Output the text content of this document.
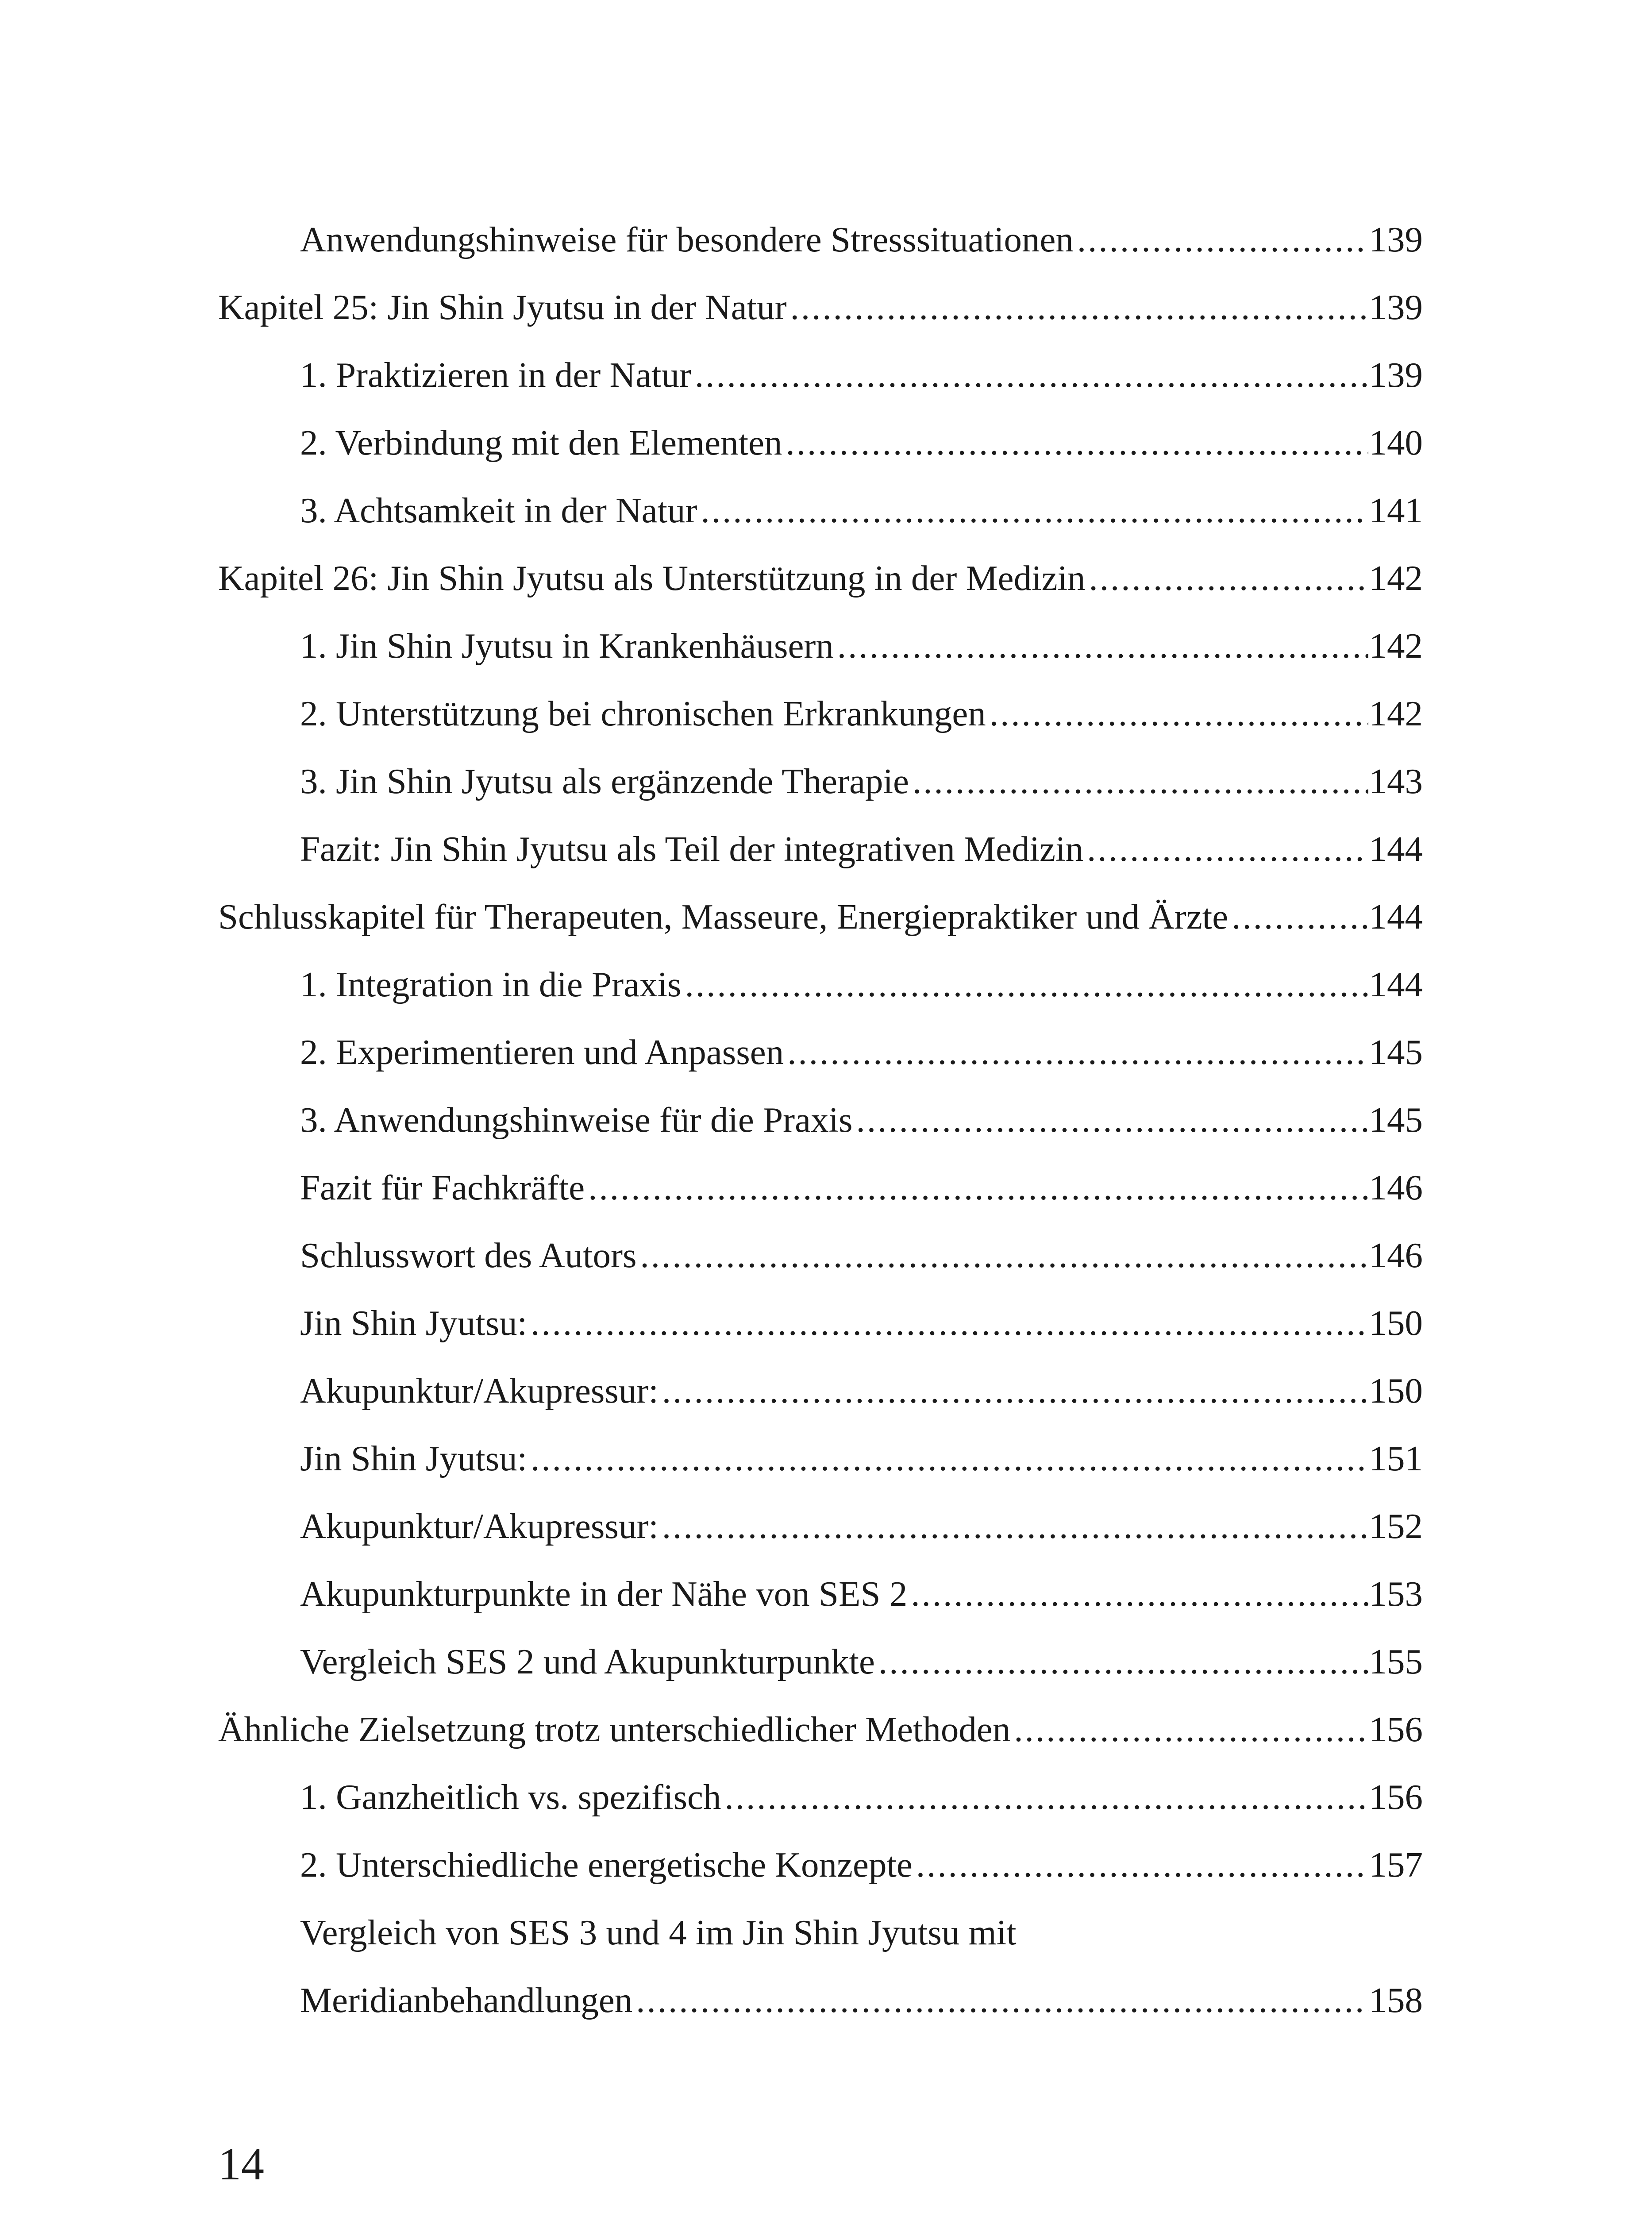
Anwendungshinweise für besondere Stresssituationen .....	139
Kapitel 25: Jin Shin Jyutsu in der Natur .....	139
1. Praktizieren in der Natur .....	139
2. Verbindung mit den Elementen .....	140
3. Achtsamkeit in der Natur .....	141
Kapitel 26: Jin Shin Jyutsu als Unterstützung in der Medizin .....	142
1. Jin Shin Jyutsu in Krankenhäusern .....	142
2. Unterstützung bei chronischen Erkrankungen .....	142
3. Jin Shin Jyutsu als ergänzende Therapie .....	143
Fazit: Jin Shin Jyutsu als Teil der integrativen Medizin .....	144
Schlusskapitel für Therapeuten, Masseure, Energiepraktiker und Ärzte .....	144
1. Integration in die Praxis .....	144
2. Experimentieren und Anpassen .....	145
3. Anwendungshinweise für die Praxis .....	145
Fazit für Fachkräfte .....	146
Schlusswort des Autors .....	146
Jin Shin Jyutsu: .....	150
Akupunktur/Akupressur: .....	150
Jin Shin Jyutsu: .....	151
Akupunktur/Akupressur: .....	152
Akupunkturpunkte in der Nähe von SES 2 .....	153
Vergleich SES 2 und Akupunkturpunkte .....	155
Ähnliche Zielsetzung trotz unterschiedlicher Methoden .....	156
1. Ganzheitlich vs. spezifisch .....	156
2. Unterschiedliche energetische Konzepte .....	157
Vergleich von SES 3 und 4 im Jin Shin Jyutsu mit
Meridianbehandlungen .....	158
14
